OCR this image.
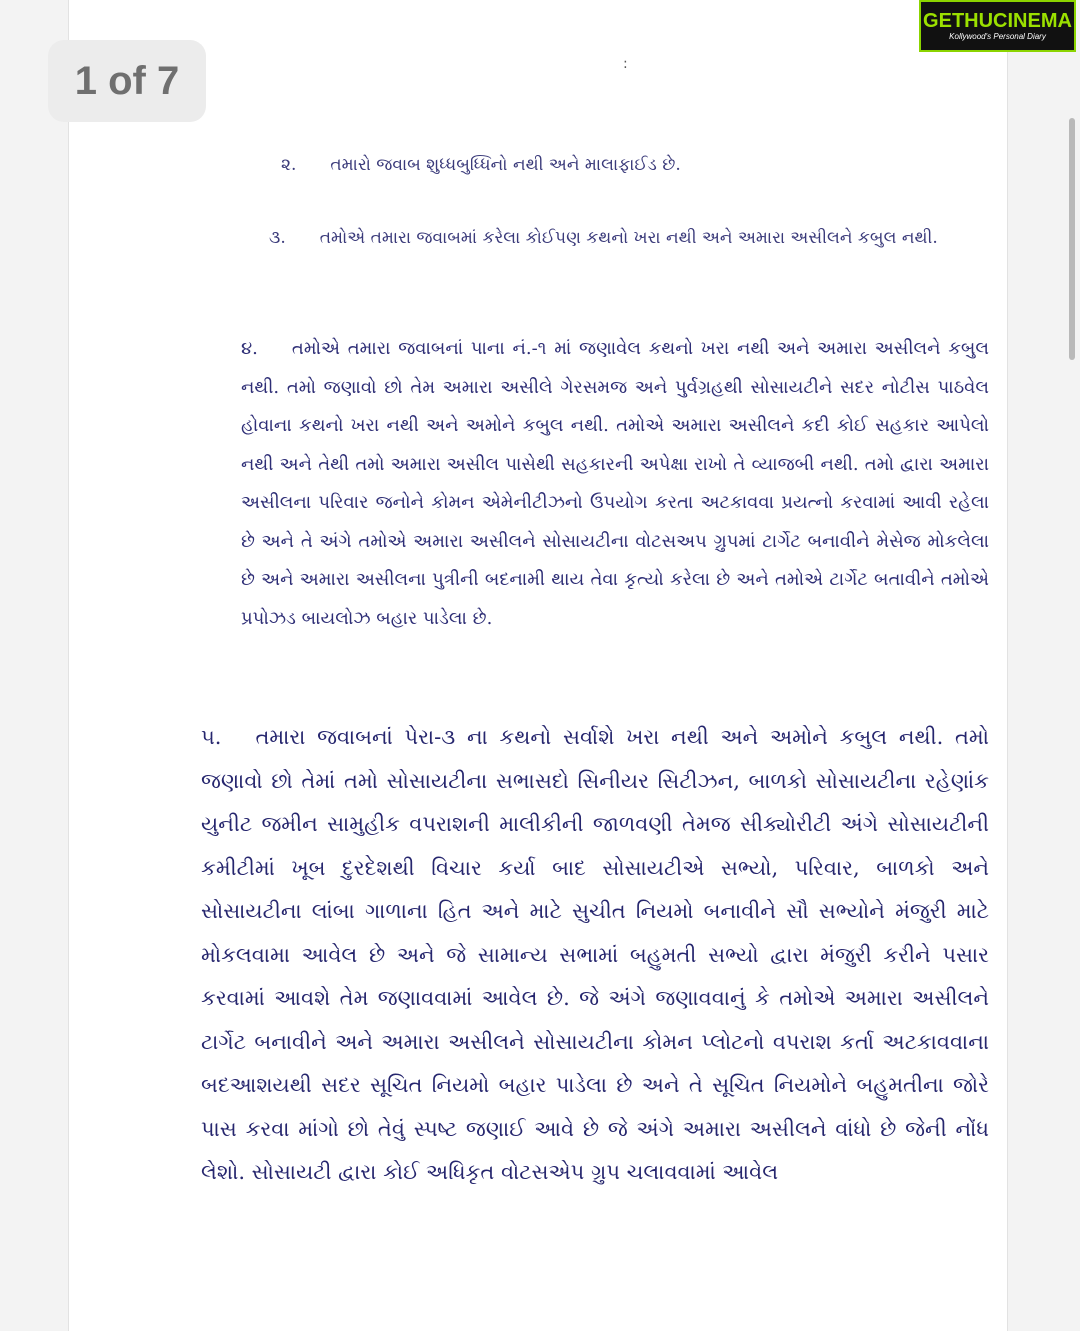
:

૨. તમારો જવાબ શુધ્ધબુધ્ધિનો નથી અને માલાફાઈડ છે.

૩. તમોએ તમારા જવાબમાં કરેલા કોઈપણ કથનો ખરા નથી અને અમારા અસીલને કબુલ નથી.

૪. તમોએ તમારા જવાબનાં પાના નં.-૧ માં જણાવેલ કથનો ખરા નથી અને અમારા અસીલને કબુલ નથી. તમો જણાવો છો તેમ અમારા અસીલે ગેરસમજ અને પુર્વગ્રહથી સોસાયટીને સદર નોટીસ પાઠવેલ હોવાના કથનો ખરા નથી અને અમોને કબુલ નથી. તમોએ અમારા અસીલને કદી કોઈ સહકાર આપેલો નથી અને તેથી તમો અમારા અસીલ પાસેથી સહકારની અપેક્ષા રાખો તે વ્યાજબી નથી. તમો દ્વારા અમારા અસીલના પરિવાર જનોને કોમન એમેનીટીઝનો ઉપયોગ કરતા અટકાવવા પ્રયત્નો કરવામાં આવી રહેલા છે અને તે અંગે તમોએ અમારા અસીલને સોસાયટીના વોટસઅપ ગ્રુપમાં ટાર્ગેટ બનાવીને મેસેજ મોકલેલા છે અને અમારા અસીલના પુત્રીની બદનામી થાય તેવા કૃત્યો કરેલા છે અને તમોએ ટાર્ગેટ બતાવીને તમોએ પ્રપોઝડ બાયલોઝ બહાર પાડેલા છે.

૫. તમારા જવાબનાં પેરા-૩ ના કથનો સર્વાશે ખરા નથી અને અમોને કબુલ નથી. તમો જણાવો છો તેમાં તમો સોસાયટીના સભાસદો સિનીયર સિટીઝન, બાળકો સોસાયટીના રહેણાંક યુનીટ જમીન સામુહીક વપરાશની માલીકીની જાળવણી તેમજ સીક્યોરીટી અંગે સોસાયટીની કમીટીમાં ખૂબ દુરદેશથી વિચાર કર્યા બાદ સોસાયટીએ સભ્યો, પરિવાર, બાળકો અને સોસાયટીના લાંબા ગાળાના હિત અને માટે સુચીત નિયમો બનાવીને સૌ સભ્યોને મંજુરી માટે મોકલવામા આવેલ છે અને જે સામાન્ય સભામાં બહુમતી સભ્યો દ્વારા મંજુરી કરીને પસાર કરવામાં આવશે તેમ જણાવવામાં આવેલ છે. જે અંગે જણાવવાનું કે તમોએ અમારા અસીલને ટાર્ગેટ બનાવીને અને અમારા અસીલને સોસાયટીના કોમન પ્લોટનો વપરાશ કર્તા અટકાવવાના બદઆશયથી સદર સૂચિત નિયમો બહાર પાડેલા છે અને તે સૂચિત નિયમોને બહુમતીના જોરે પાસ કરવા માંગો છો તેવું સ્પષ્ટ જણાઈ આવે છે જે અંગે અમારા અસીલને વાંધો છે જેની નોંધ લેશો. સોસાયટી દ્વારા કોઈ અધિકૃત વોટસએપ ગ્રુપ ચલાવવામાં આવેલ

1 of 7
GETHUCINEMA
Kollywood's Personal Diary
